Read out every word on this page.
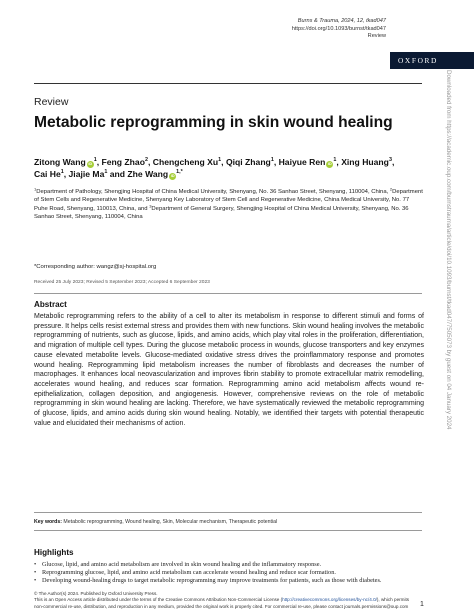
Burns & Trauma, 2024, 12, tkad047
https://doi.org/10.1093/burnst/tkad047
Review
OXFORD
Review
Metabolic reprogramming in skin wound healing
Zitong Wang $iD^1$, Feng Zhao$^2$, Chengcheng Xu$^1$, Qiqi Zhang$^1$, Haiyue Ren $iD^1$, Xing Huang$^3$, Cai He$^1$, Jiajie Ma$^1$ and Zhe Wang $iD^{1,*}$

$^1$Department of Pathology, Shengjing Hospital of China Medical University, Shenyang, No. 36 Sanhao Street, Shenyang, 110004, China, $^2$Department of Stem Cells and Regenerative Medicine, Shenyang Key Laboratory of Stem Cell and Regenerative Medicine, China Medical University, No. 77 Puhe Road, Shenyang, 110013, China, and $^3$Department of General Surgery, Shengjing Hospital of China Medical University, Shenyang, No. 36 Sanhao Street, Shenyang, 110004, China

*Corresponding author: wangz@sj-hospital.org
Received 25 July 2023; Revised 5 September 2023; Accepted 6 September 2023
Abstract

Metabolic reprogramming refers to the ability of a cell to alter its metabolism in response to different stimuli and forms of pressure. It helps cells resist external stress and provides them with new functions. Skin wound healing involves the metabolic reprogramming of nutrients, such as glucose, lipids, and amino acids, which play vital roles in the proliferation, differentiation, and migration of multiple cell types. During the glucose metabolic process in wounds, glucose transporters and key enzymes cause elevated metabolite levels. Glucose-mediated oxidative stress drives the proinflammatory response and promotes wound healing. Reprogramming lipid metabolism increases the number of fibroblasts and decreases the number of macrophages. It enhances local neovascularization and improves fibrin stability to promote extracellular matrix remodelling, accelerates wound healing, and reduces scar formation. Reprogramming amino acid metabolism affects wound re-epithelialization, collagen deposition, and angiogenesis. However, comprehensive reviews on the role of metabolic reprogramming in skin wound healing are lacking. Therefore, we have systematically reviewed the metabolic reprogramming of glucose, lipids, and amino acids during skin wound healing. Notably, we identified their targets with potential therapeutic value and elucidated their mechanisms of action.

Key words: Metabolic reprogramming, Wound healing, Skin, Molecular mechanism, Therapeutic potential
Highlights
• Glucose, lipid, and amino acid metabolism are involved in skin wound healing and the inflammatory response.
• Reprogramming glucose, lipid, and amino acid metabolism can accelerate wound healing and reduce scar formation.
• Developing wound-healing drugs to target metabolic reprogramming may improve treatments for patients, such as those with diabetes.

© The Author(s) 2024. Published by Oxford University Press.

This is an Open Access article distributed under the terms of the Creative Commons Attribution Non-Commercial License (http://creativecommons.org/licenses/by-nc/4.0/), which permits non-commercial re-use, distribution, and reproduction in any medium, provided the original work is properly cited. For commercial re-use, please contact journals.permissions@oup.com	1
Downloaded from https://academic.oup.com/burnstrauma/article/doi/10.1093/burnst/tkad047/7505073 by guest on 04 January 2024
